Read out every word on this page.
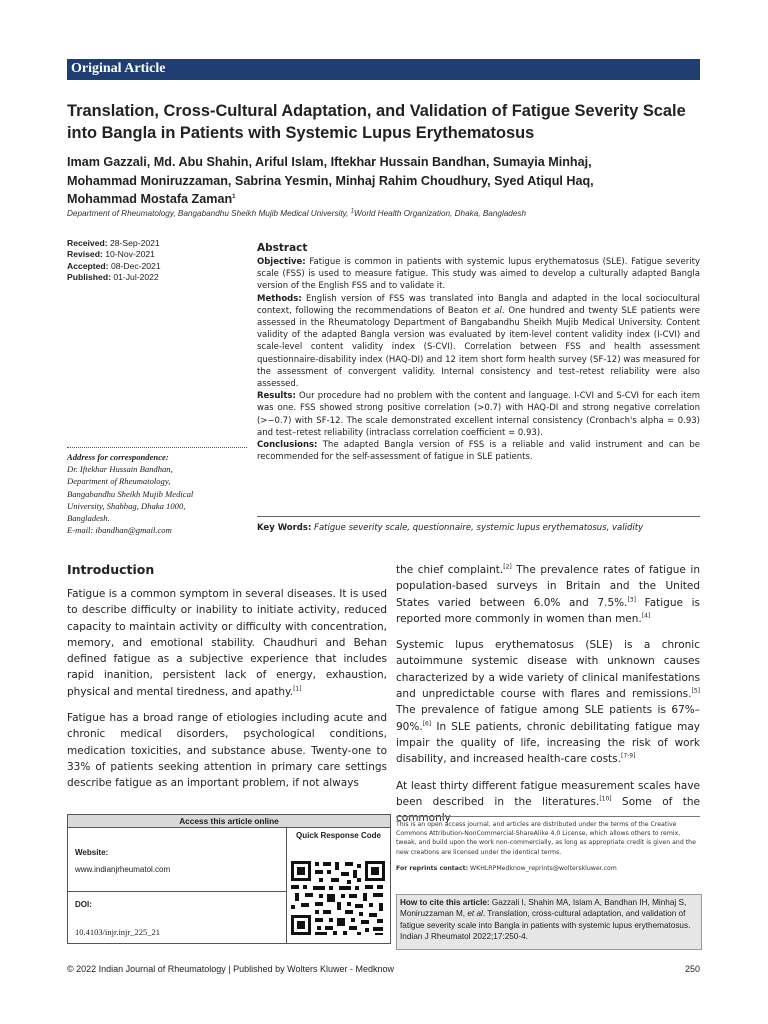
Original Article
Translation, Cross-Cultural Adaptation, and Validation of Fatigue Severity Scale into Bangla in Patients with Systemic Lupus Erythematosus
Imam Gazzali, Md. Abu Shahin, Ariful Islam, Iftekhar Hussain Bandhan, Sumayia Minhaj,
Mohammad Moniruzzaman, Sabrina Yesmin, Minhaj Rahim Choudhury, Syed Atiqul Haq,
Mohammad Mostafa Zaman$^1$
Department of Rheumatology, Bangabandhu Sheikh Mujib Medical University, $^1$World Health Organization, Dhaka, Bangladesh
Received: 28-Sep-2021
Revised: 10-Nov-2021
Accepted: 08-Dec-2021
Published: 01-Jul-2022
Address for correspondence:
Dr. Iftekhar Hussain Bandhan,
Department of Rheumatology,
Bangabandhu Sheikh Mujib Medical
University, Shahbag, Dhaka 1000,
Bangladesh.
E-mail: ibandhan@gmail.com
Abstract

Objective: Fatigue is common in patients with systemic lupus erythematosus (SLE). Fatigue severity scale (FSS) is used to measure fatigue. This study was aimed to develop a culturally adapted Bangla version of the English FSS and to validate it.

Methods: English version of FSS was translated into Bangla and adapted in the local sociocultural context, following the recommendations of Beaton et al. One hundred and twenty SLE patients were assessed in the Rheumatology Department of Bangabandhu Sheikh Mujib Medical University. Content validity of the adapted Bangla version was evaluated by item-level content validity index (I-CVI) and scale-level content validity index (S-CVI). Correlation between FSS and health assessment questionnaire-disability index (HAQ-DI) and 12 item short form health survey (SF-12) was measured for the assessment of convergent validity. Internal consistency and test–retest reliability were also assessed.

Results: Our procedure had no problem with the content and language. I-CVI and S-CVI for each item was one. FSS showed strong positive correlation (>0.7) with HAQ-DI and strong negative correlation (>−0.7) with SF-12. The scale demonstrated excellent internal consistency (Cronbach's alpha = 0.93) and test–retest reliability (intraclass correlation coefficient = 0.93).

Conclusions: The adapted Bangla version of FSS is a reliable and valid instrument and can be recommended for the self-assessment of fatigue in SLE patients.

Key Words: Fatigue severity scale, questionnaire, systemic lupus erythematosus, validity
Introduction

Fatigue is a common symptom in several diseases. It is used to describe difficulty or inability to initiate activity, reduced capacity to maintain activity or difficulty with concentration, memory, and emotional stability. Chaudhuri and Behan defined fatigue as a subjective experience that includes rapid inanition, persistent lack of energy, exhaustion, physical and mental tiredness, and apathy.[1]

Fatigue has a broad range of etiologies including acute and chronic medical disorders, psychological conditions, medication toxicities, and substance abuse. Twenty-one to 33% of patients seeking attention in primary care settings describe fatigue as an important problem, if not always

the chief complaint.[2] The prevalence rates of fatigue in population-based surveys in Britain and the United States varied between 6.0% and 7.5%.[3] Fatigue is reported more commonly in women than men.[4]

Systemic lupus erythematosus (SLE) is a chronic autoimmune systemic disease with unknown causes characterized by a wide variety of clinical manifestations and unpredictable course with flares and remissions.[5] The prevalence of fatigue among SLE patients is 67%–90%.[6] In SLE patients, chronic debilitating fatigue may impair the quality of life, increasing the risk of work disability, and increased health-care costs.[7-9]

At least thirty different fatigue measurement scales have been described in the literatures.[10] Some of the commonly

Access this article online
Website:
www.indianjrheumatol.com
DOI:
10.4103/injr.injr_225_21
Quick Response Code
This is an open access journal, and articles are distributed under the terms of the Creative Commons Attribution-NonCommercial-ShareAlike 4.0 License, which allows others to remix, tweak, and build upon the work non-commercially, as long as appropriate credit is given and the new creations are licensed under the identical terms.
For reprints contact: WKHLRPMedknow_reprints@wolterskluwer.com
How to cite this article: Gazzali I, Shahin MA, Islam A, Bandhan IH, Minhaj S, Moniruzzaman M, et al. Translation, cross-cultural adaptation, and validation of fatigue severity scale into Bangla in patients with systemic lupus erythematosus. Indian J Rheumatol 2022;17:250-4.
© 2022 Indian Journal of Rheumatology | Published by Wolters Kluwer - Medknow	250
